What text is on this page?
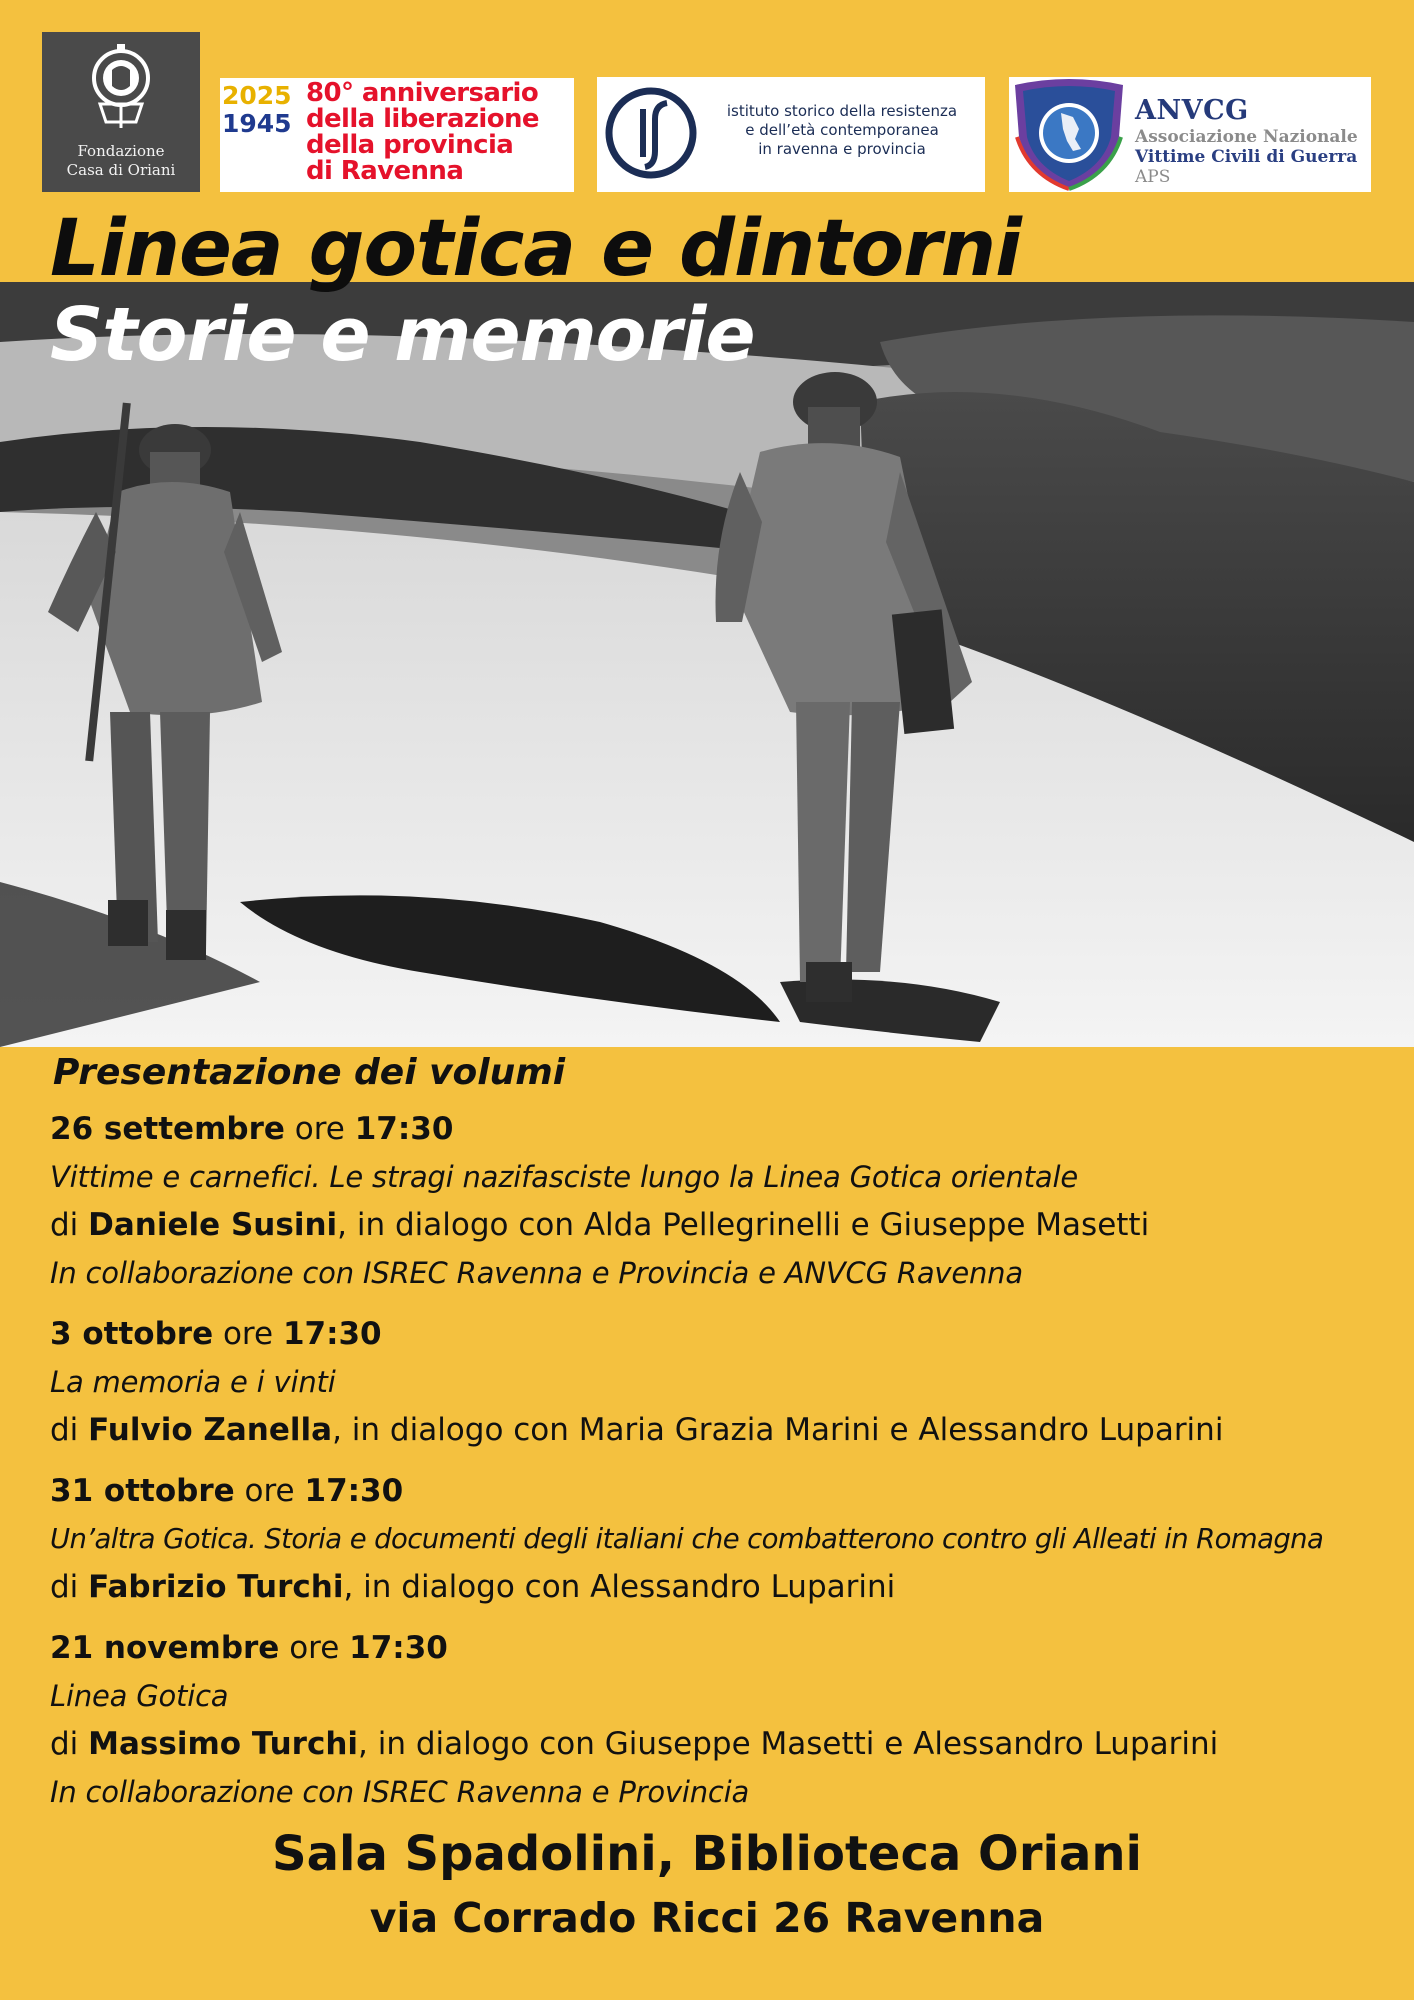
Fondazione
Casa di Oriani
2025
1945
80° anniversario
della liberazione
della provincia
di Ravenna
istituto storico della resistenza
e dell’età contemporanea
in ravenna e provincia
ANVCG
Associazione Nazionale
Vittime Civili di Guerra
APS
Linea gotica e dintorni
Storie e memorie
Presentazione dei volumi
26 settembre ore 17:30
Vittime e carnefici. Le stragi nazifasciste lungo la Linea Gotica orientale
di Daniele Susini, in dialogo con Alda Pellegrinelli e Giuseppe Masetti
In collaborazione con ISREC Ravenna e Provincia e ANVCG Ravenna
3 ottobre ore 17:30
La memoria e i vinti
di Fulvio Zanella, in dialogo con Maria Grazia Marini e Alessandro Luparini
31 ottobre ore 17:30
Un’altra Gotica. Storia e documenti degli italiani che combatterono contro gli Alleati in Romagna
di Fabrizio Turchi, in dialogo con Alessandro Luparini
21 novembre ore 17:30
Linea Gotica
di Massimo Turchi, in dialogo con Giuseppe Masetti e Alessandro Luparini
In collaborazione con ISREC Ravenna e Provincia
Sala Spadolini, Biblioteca Oriani
via Corrado Ricci 26 Ravenna
